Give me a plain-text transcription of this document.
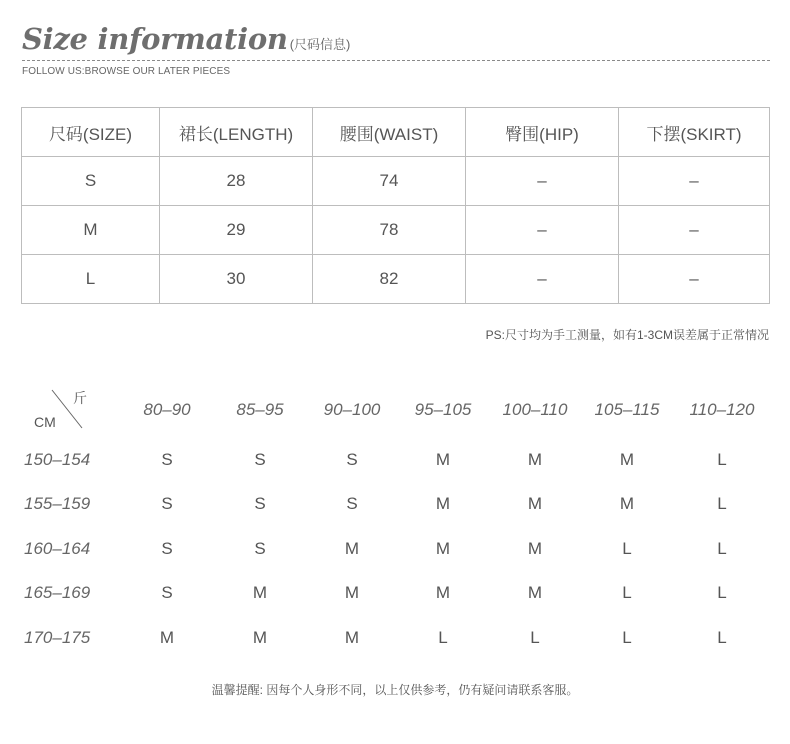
Size information (尺码信息)
FOLLOW US:BROWSE OUR LATER PIECES
尺码(SIZE)	裙长(LENGTH)	腰围(WAIST)	臀围(HIP)	下摆(SKIRT)
S	28	74	–	–
M	29	78	–	–
L	30	82	–	–
PS:尺寸均为手工测量，如有1-3CM误差属于正常情况
斤
CM
80–90	85–95	90–100	95–105	100–110	105–115	110–120
150–154	S	S	S	M	M	M	L
155–159	S	S	S	M	M	M	L
160–164	S	S	M	M	M	L	L
165–169	S	M	M	M	M	L	L
170–175	M	M	M	L	L	L	L
温馨提醒: 因每个人身形不同，以上仅供参考，仍有疑问请联系客服。
